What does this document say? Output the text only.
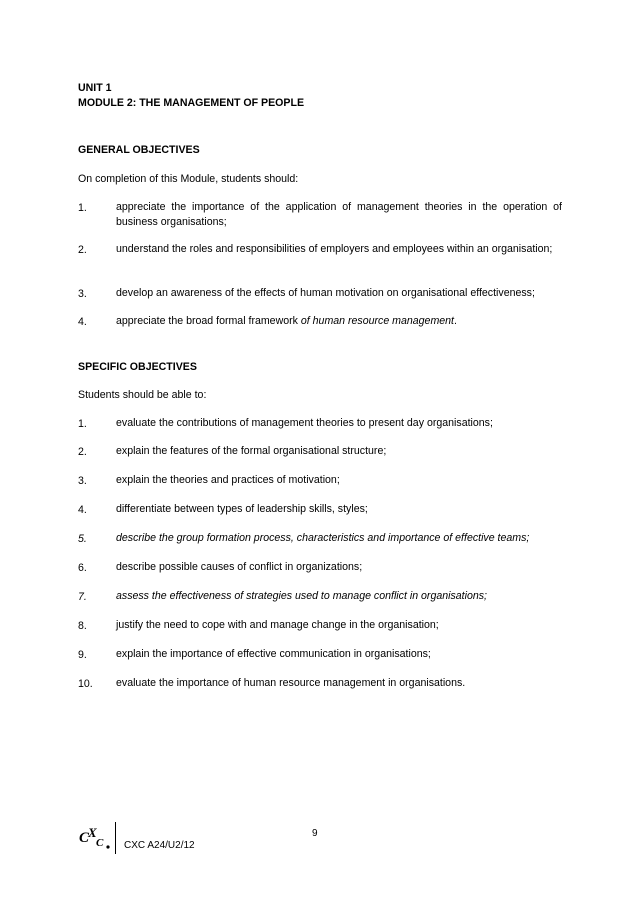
UNIT 1
MODULE 2: THE MANAGEMENT OF PEOPLE
GENERAL OBJECTIVES
On completion of this Module, students should:
1.	appreciate the importance of the application of management theories in the operation of business organisations;
2.	understand the roles and responsibilities of employers and employees within an organisation;
3.	develop an awareness of the effects of human motivation on organisational effectiveness;
4.	appreciate the broad formal framework of human resource management.
SPECIFIC OBJECTIVES
Students should be able to:
1.	evaluate the contributions of management theories to present day organisations;
2.	explain the features of the formal organisational structure;
3.	explain the theories and practices of motivation;
4.	differentiate between types of leadership skills, styles;
5.	describe the group formation process, characteristics and importance of effective teams;
6.	describe possible causes of conflict in organizations;
7.	assess the effectiveness of strategies used to manage conflict in organisations;
8.	justify the need to cope with and manage change in the organisation;
9.	explain the importance of effective communication in organisations;
10. evaluate the importance of human resource management in organisations.
C
X
C
9
CXC A24/U2/12
